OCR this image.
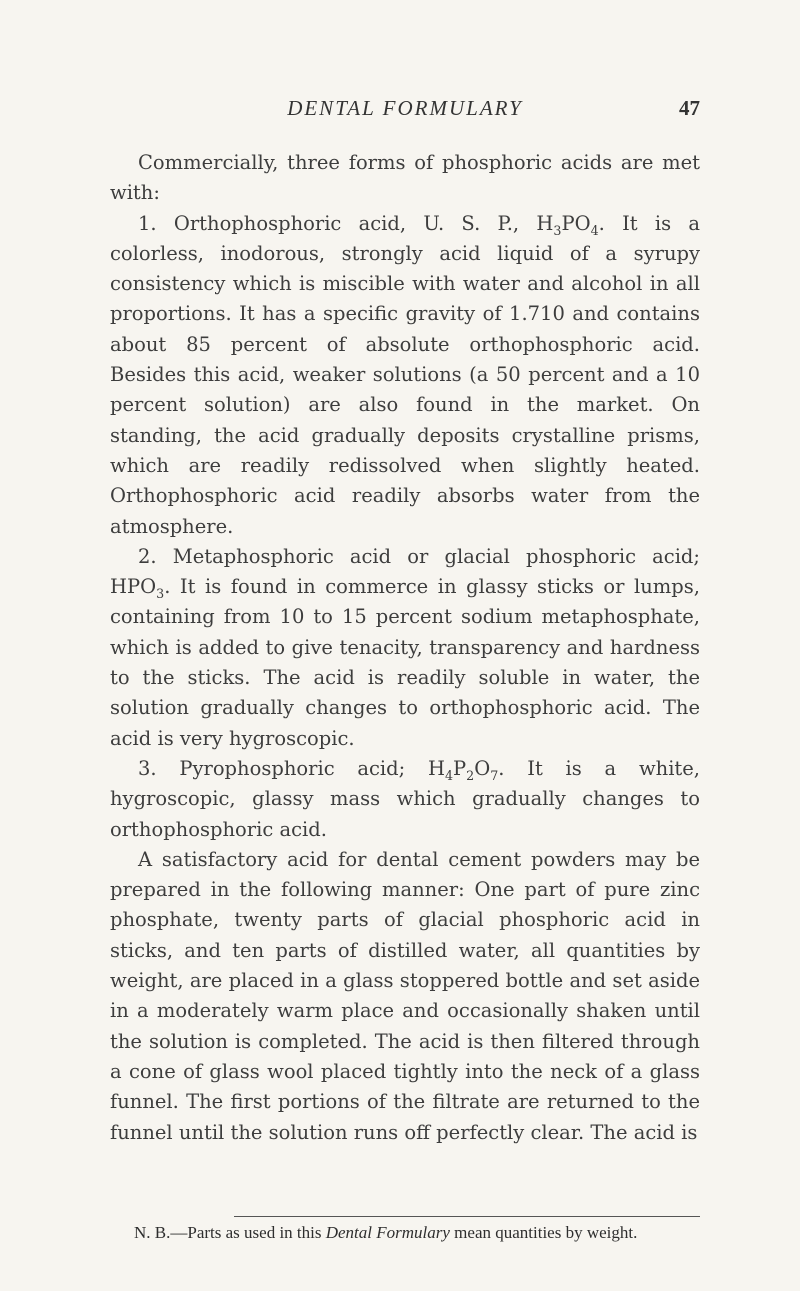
DENTAL FORMULARY	47

Commercially, three forms of phosphoric acids are met with:

1. Orthophosphoric acid, U. S. P., $H_3PO_4$. It is a colorless, inodorous, strongly acid liquid of a syrupy consistency which is miscible with water and alcohol in all proportions. It has a specific gravity of 1.710 and contains about 85 percent of absolute orthophosphoric acid. Besides this acid, weaker solutions (a 50 percent and a 10 percent solution) are also found in the market. On standing, the acid gradually deposits crystalline prisms, which are readily redissolved when slightly heated. Orthophosphoric acid readily absorbs water from the atmosphere.

2. Metaphosphoric acid or glacial phosphoric acid; $HPO_3$. It is found in commerce in glassy sticks or lumps, containing from 10 to 15 percent sodium metaphosphate, which is added to give tenacity, transparency and hardness to the sticks. The acid is readily soluble in water, the solution gradually changes to orthophosphoric acid. The acid is very hygroscopic.

3. Pyrophosphoric acid; $H_4P_2O_7$. It is a white, hygroscopic, glassy mass which gradually changes to orthophosphoric acid.

A satisfactory acid for dental cement powders may be prepared in the following manner: One part of pure zinc phosphate, twenty parts of glacial phosphoric acid in sticks, and ten parts of distilled water, all quantities by weight, are placed in a glass stoppered bottle and set aside in a moderately warm place and occasionally shaken until the solution is completed. The acid is then filtered through a cone of glass wool placed tightly into the neck of a glass funnel. The first portions of the filtrate are returned to the funnel until the solution runs off perfectly clear. The acid is

N. B.—Parts as used in this Dental Formulary mean quantities by weight.
